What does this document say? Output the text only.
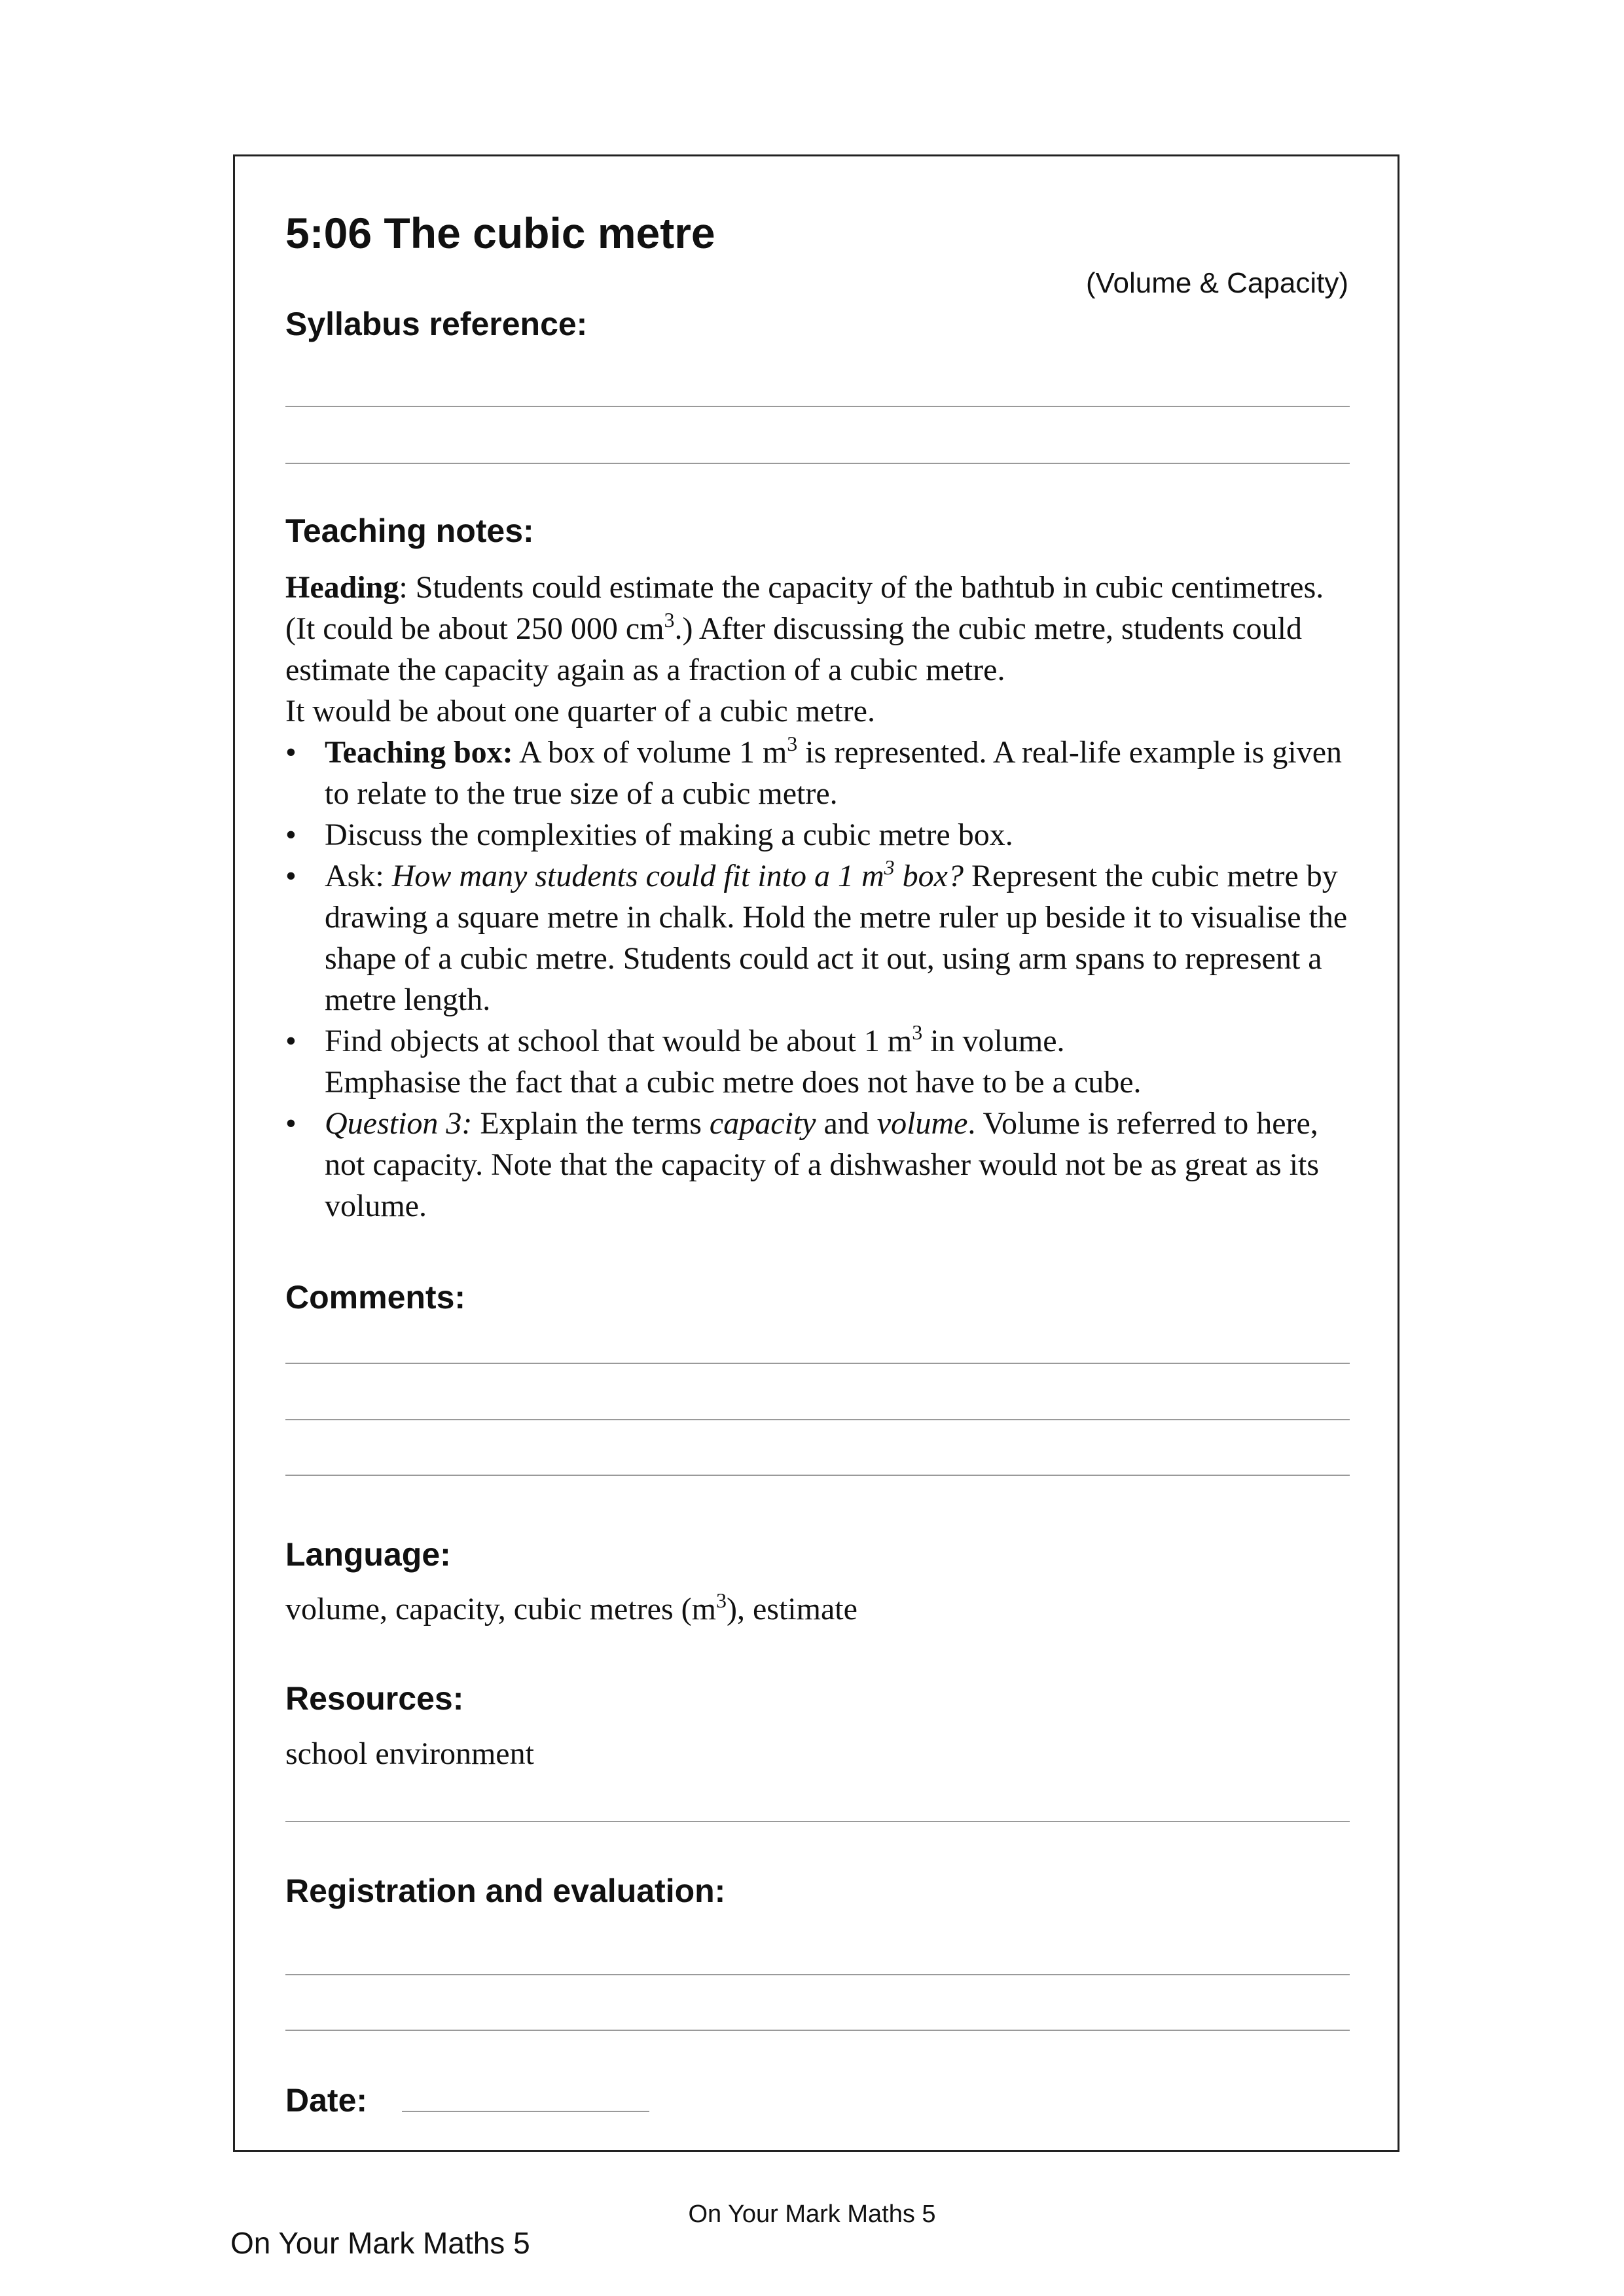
5:06 The cubic metre
(Volume & Capacity)
Syllabus reference:
Teaching notes:

Heading: Students could estimate the capacity of the bathtub in cubic centimetres. (It could be about 250 000 $cm^3$.) After discussing the cubic metre, students could estimate the capacity again as a fraction of a cubic metre.

It would be about one quarter of a cubic metre.

• Teaching box: A box of volume 1 $m^3$ is represented. A real-life example is given to relate to the true size of a cubic metre.
• Discuss the complexities of making a cubic metre box.
• Ask: How many students could fit into a 1 $m^3$ box? Represent the cubic metre by drawing a square metre in chalk. Hold the metre ruler up beside it to visualise the shape of a cubic metre. Students could act it out, using arm spans to represent a metre length.
• Find objects at school that would be about 1 $m^3$ in volume.
Emphasise the fact that a cubic metre does not have to be a cube.
• Question 3: Explain the terms capacity and volume. Volume is referred to here, not capacity. Note that the capacity of a dishwasher would not be as great as its volume.
Comments:
Language:
volume, capacity, cubic metres $(m^3)$, estimate
Resources:
school environment
Registration and evaluation:
Date:
On Your Mark Maths 5
On Your Mark Maths 5
